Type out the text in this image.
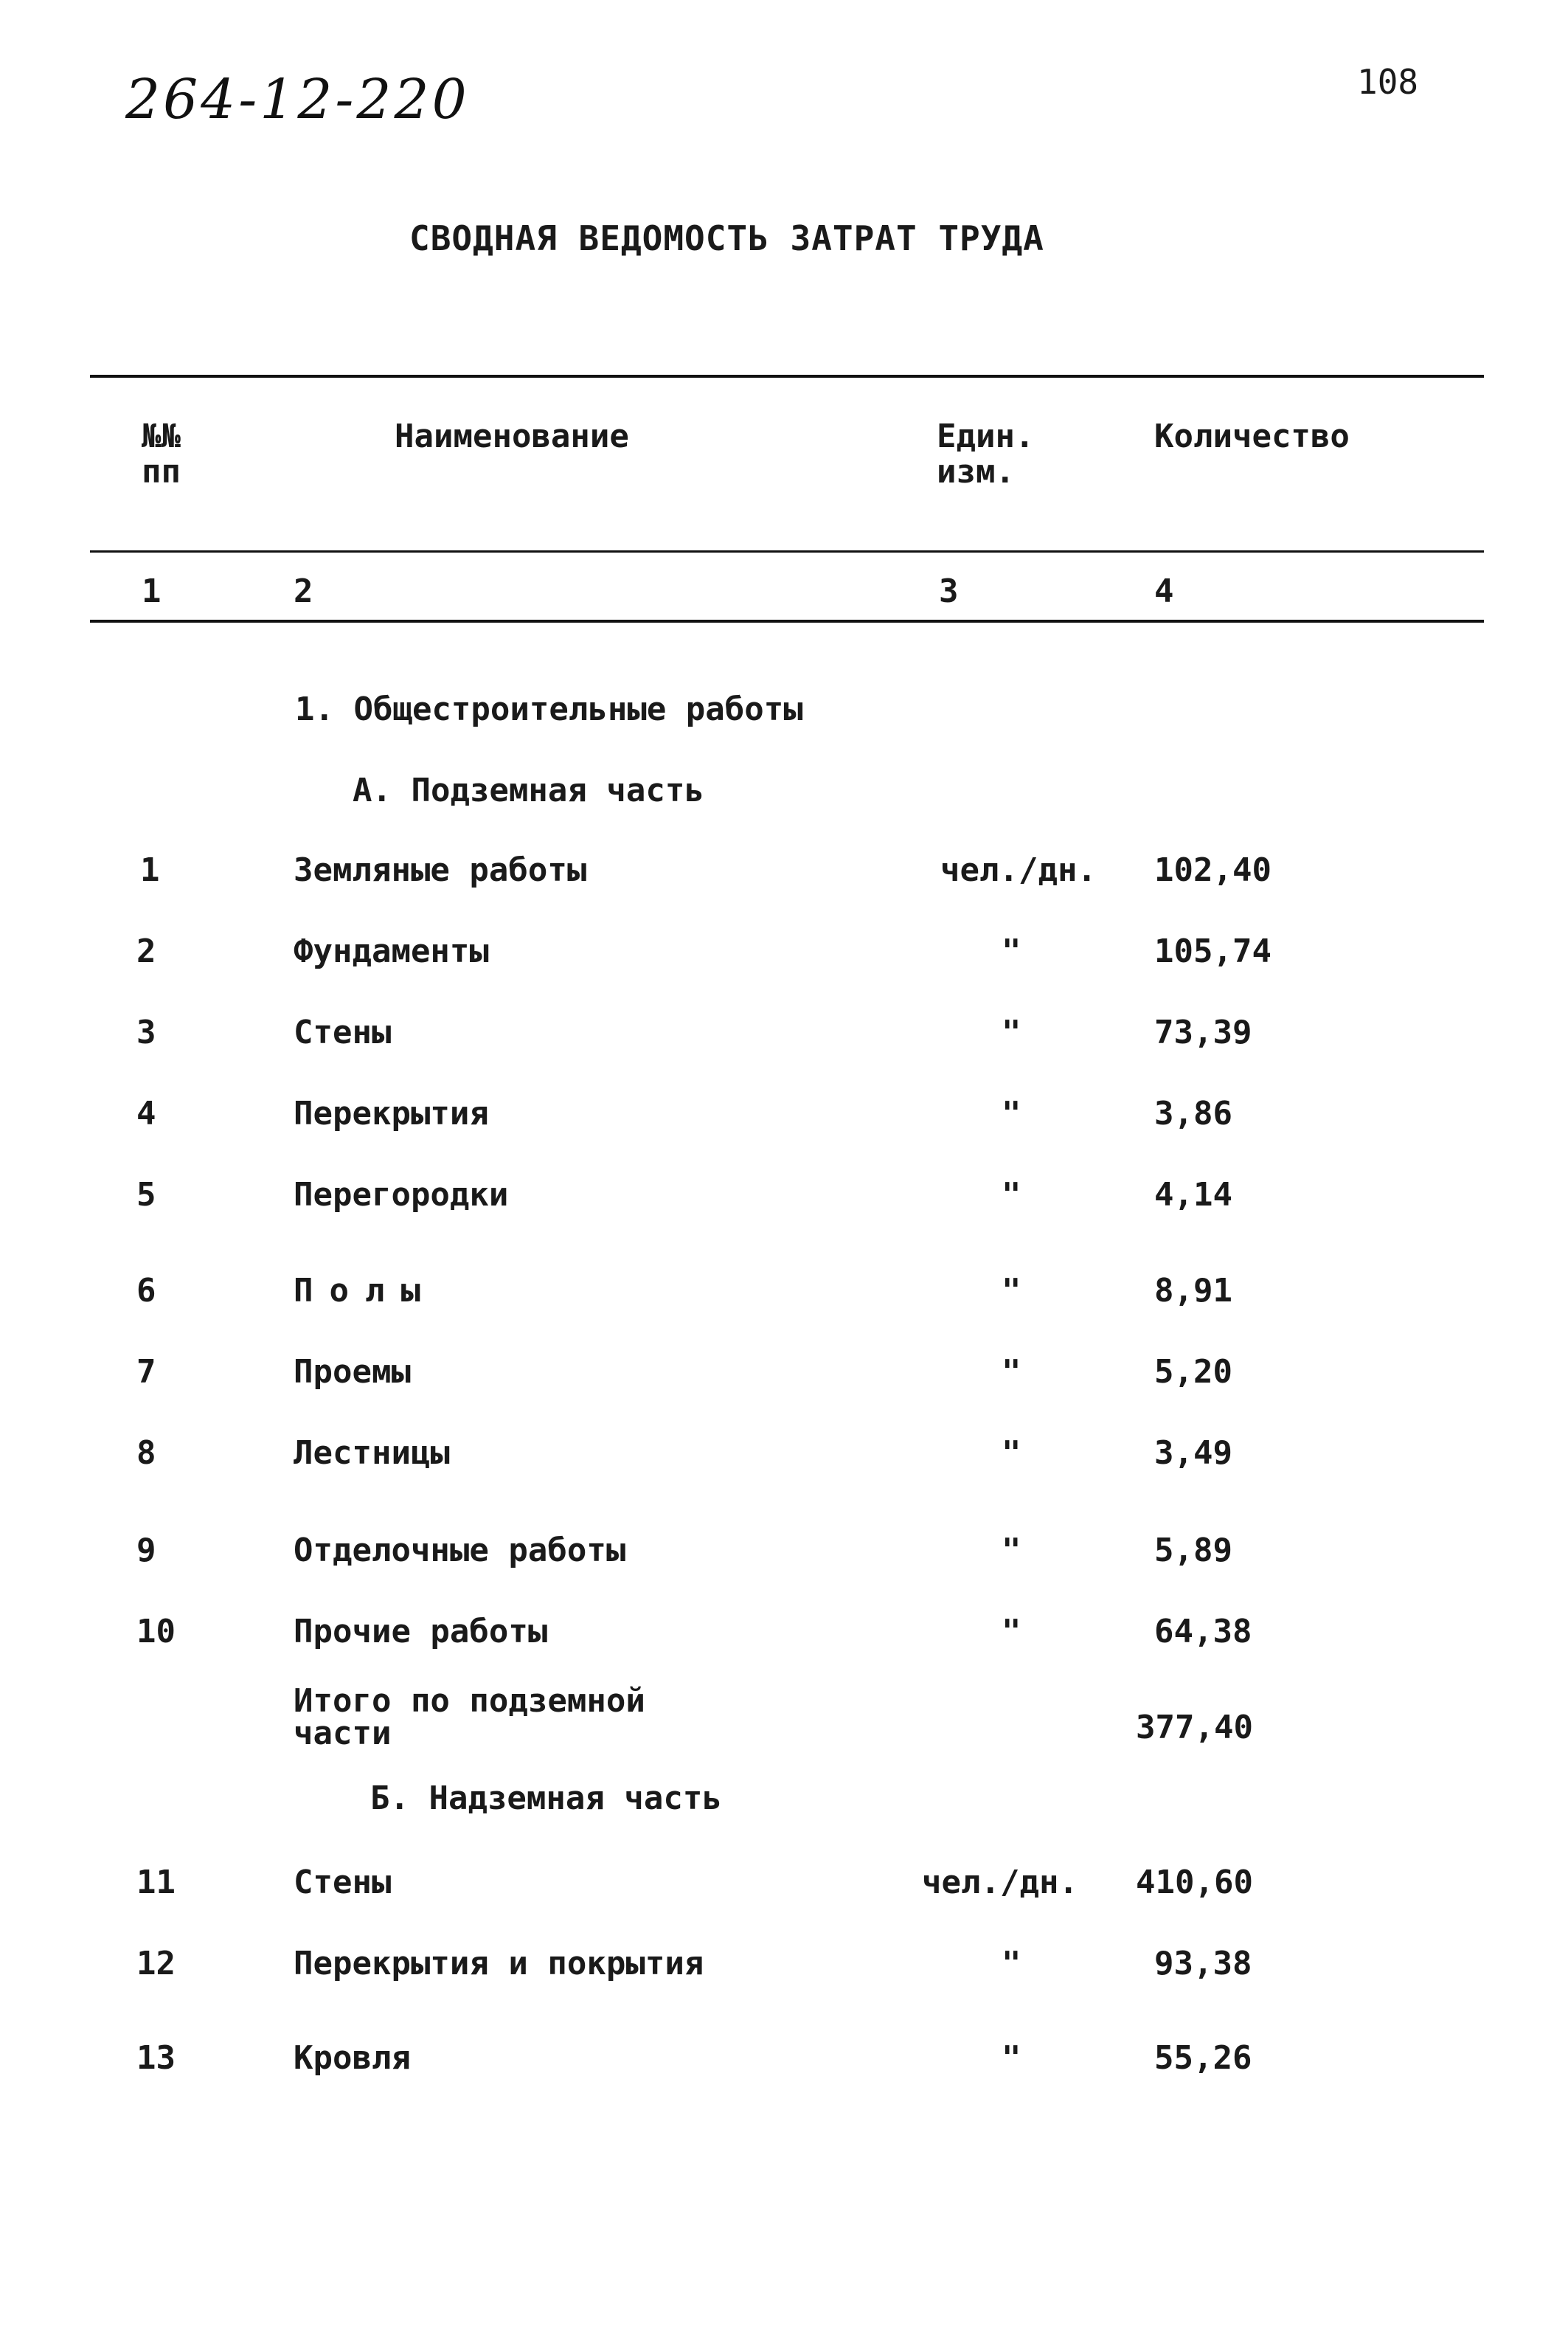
264-12-220	108
СВОДНАЯ ВЕДОМОСТЬ ЗАТРАТ ТРУДА
№№
пп
Наименование	Един.
изм.
Количество
1	2	3	4
1. Общестроительные работы
А. Подземная часть
1	Земляные работы	чел./дн. 102,40
2	Фундаменты	"	105,74
3	Стены	"	73,39
4	Перекрытия	"	3,86
5	Перегородки	"	4,14
6	Полы	"	8,91
7	Проемы	"	5,20
8	Лестницы	"	3,49
9	Отделочные работы	"	5,89
10	Прочие работы	"	64,38
Итого по подземной
части	377,40
Б. Надземная часть
11	Стены	чел./дн. 410,60
12	Перекрытия и покрытия	"	93,38
13	Кровля	"	55,26
